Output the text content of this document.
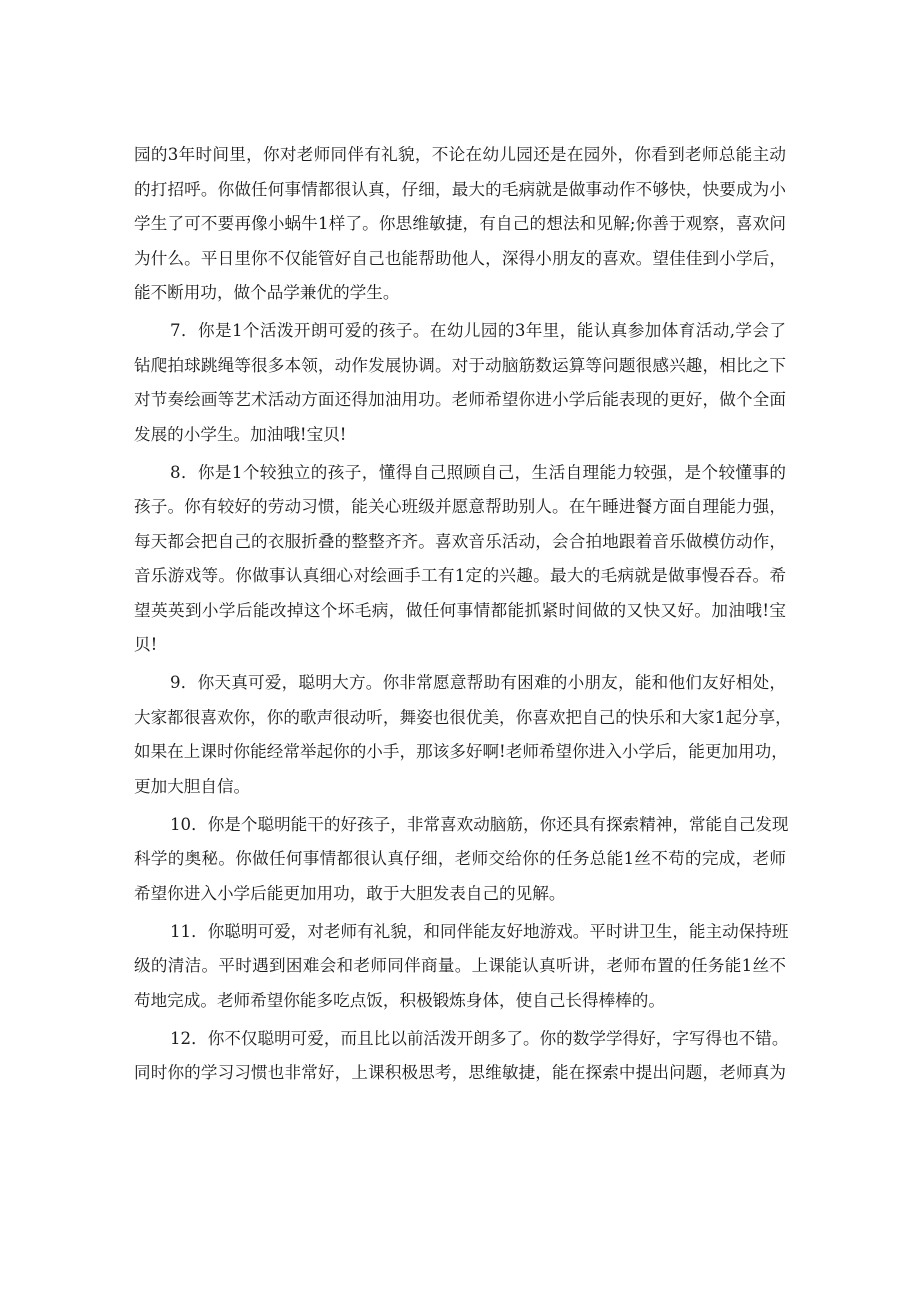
园的3年时间里，你对老师同伴有礼貌，不论在幼儿园还是在园外，你看到老师总能主动
的打招呼。你做任何事情都很认真，仔细，最大的毛病就是做事动作不够快，快要成为小
学生了可不要再像小蜗牛1样了。你思维敏捷，有自己的想法和见解;你善于观察，喜欢问
为什么。平日里你不仅能管好自己也能帮助他人，深得小朋友的喜欢。望佳佳到小学后，
能不断用功，做个品学兼优的学生。
7．你是1个活泼开朗可爱的孩子。在幼儿园的3年里，能认真参加体育活动,学会了
钻爬拍球跳绳等很多本领，动作发展协调。对于动脑筋数运算等问题很感兴趣，相比之下
对节奏绘画等艺术活动方面还得加油用功。老师希望你进小学后能表现的更好，做个全面
发展的小学生。加油哦!宝贝!
8．你是1个较独立的孩子，懂得自己照顾自己，生活自理能力较强，是个较懂事的
孩子。你有较好的劳动习惯，能关心班级并愿意帮助别人。在午睡进餐方面自理能力强，
每天都会把自己的衣服折叠的整整齐齐。喜欢音乐活动，会合拍地跟着音乐做模仿动作，
音乐游戏等。你做事认真细心对绘画手工有1定的兴趣。最大的毛病就是做事慢吞吞。希
望英英到小学后能改掉这个坏毛病，做任何事情都能抓紧时间做的又快又好。加油哦!宝
贝!
9．你天真可爱，聪明大方。你非常愿意帮助有困难的小朋友，能和他们友好相处，
大家都很喜欢你，你的歌声很动听，舞姿也很优美，你喜欢把自己的快乐和大家1起分享，
如果在上课时你能经常举起你的小手，那该多好啊!老师希望你进入小学后，能更加用功，
更加大胆自信。
10．你是个聪明能干的好孩子，非常喜欢动脑筋，你还具有探索精神，常能自己发现
科学的奥秘。你做任何事情都很认真仔细，老师交给你的任务总能1丝不苟的完成，老师
希望你进入小学后能更加用功，敢于大胆发表自己的见解。
11．你聪明可爱，对老师有礼貌，和同伴能友好地游戏。平时讲卫生，能主动保持班
级的清洁。平时遇到困难会和老师同伴商量。上课能认真听讲，老师布置的任务能1丝不
苟地完成。老师希望你能多吃点饭，积极锻炼身体，使自己长得棒棒的。
12．你不仅聪明可爱，而且比以前活泼开朗多了。你的数学学得好，字写得也不错。
同时你的学习习惯也非常好，上课积极思考，思维敏捷，能在探索中提出问题，老师真为
